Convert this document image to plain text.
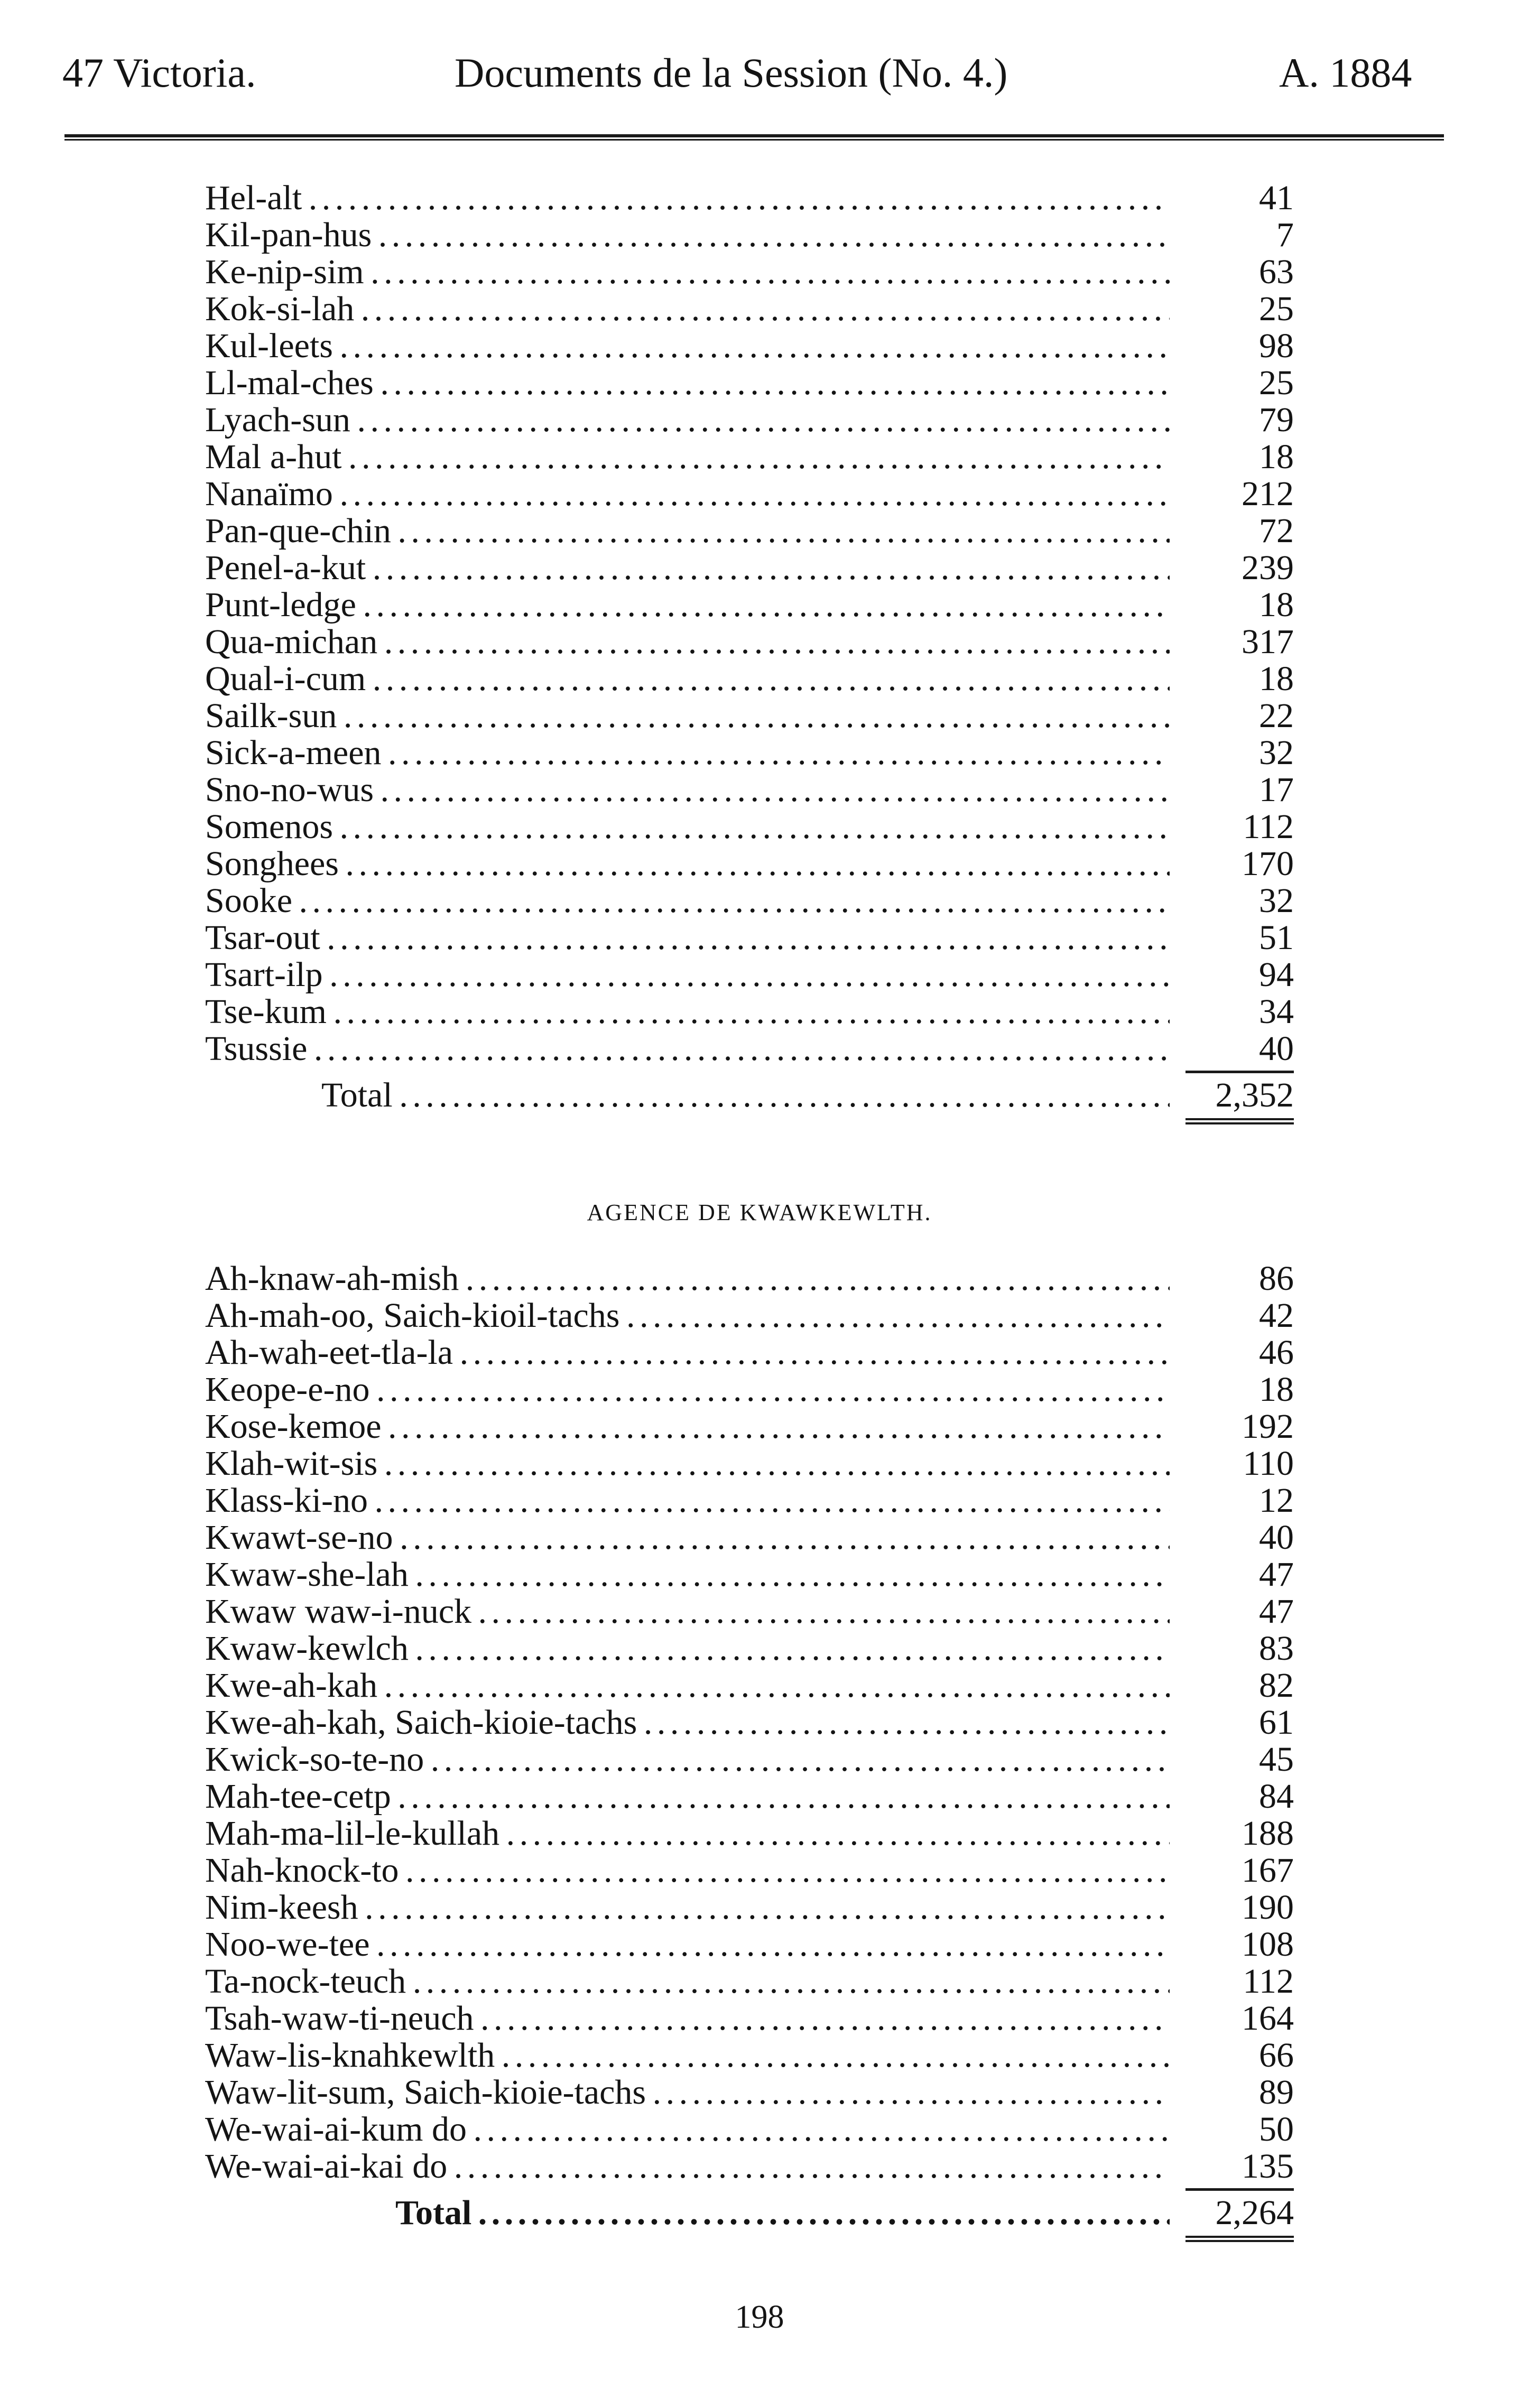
47 Victoria.	Documents de la Session (No. 4.)	A. 1884
Hel-alt . . .	41
Kil-pan-hus . . .	7
Ke-nip-sim . . .	63
Kok-si-lah . . .	25
Kul-leets . . .	98
Ll-mal-ches . . .	25
Lyach-sun . . .	79
Mal a-hut . . .	18
Nanaïmo . . .	212
Pan-que-chin . . .	72
Penel-a-kut . . .	239
Punt-ledge . . .	18
Qua-michan . . .	317
Qual-i-cum . . .	18
Sailk-sun . . .	22
Sick-a-meen . . .	32
Sno-no-wus . . .	17
Somenos . . .	112
Songhees . . .	170
Sooke . . .	32
Tsar-out . . .	51
Tsart-ilp . . .	94
Tse-kum . . .	34
Tsussie . . .	40
Total . . .	2,352
AGENCE DE KWAWKEWLTH.
Ah-knaw-ah-mish . . .	86
Ah-mah-oo, Saich-kioil-tachs . . .	42
Ah-wah-eet-tla-la . . .	46
Keope-e-no . . .	18
Kose-kemoe . . .	192
Klah-wit-sis . . .	110
Klass-ki-no . . .	12
Kwawt-se-no . . .	40
Kwaw-she-lah . . .	47
Kwaw waw-i-nuck . . .	47
Kwaw-kewlch . . .	83
Kwe-ah-kah . . .	82
Kwe-ah-kah, Saich-kioie-tachs . . .	61
Kwick-so-te-no . . .	45
Mah-tee-cetp . . .	84
Mah-ma-lil-le-kullah . . .	188
Nah-knock-to . . .	167
Nim-keesh . . .	190
Noo-we-tee . . .	108
Ta-nock-teuch . . .	112
Tsah-waw-ti-neuch . . .	164
Waw-lis-knahkewlth . . .	66
Waw-lit-sum, Saich-kioie-tachs . . .	89
We-wai-ai-kum do . . .	50
We-wai-ai-kai do . . .	135
Total . . .	2,264
198
